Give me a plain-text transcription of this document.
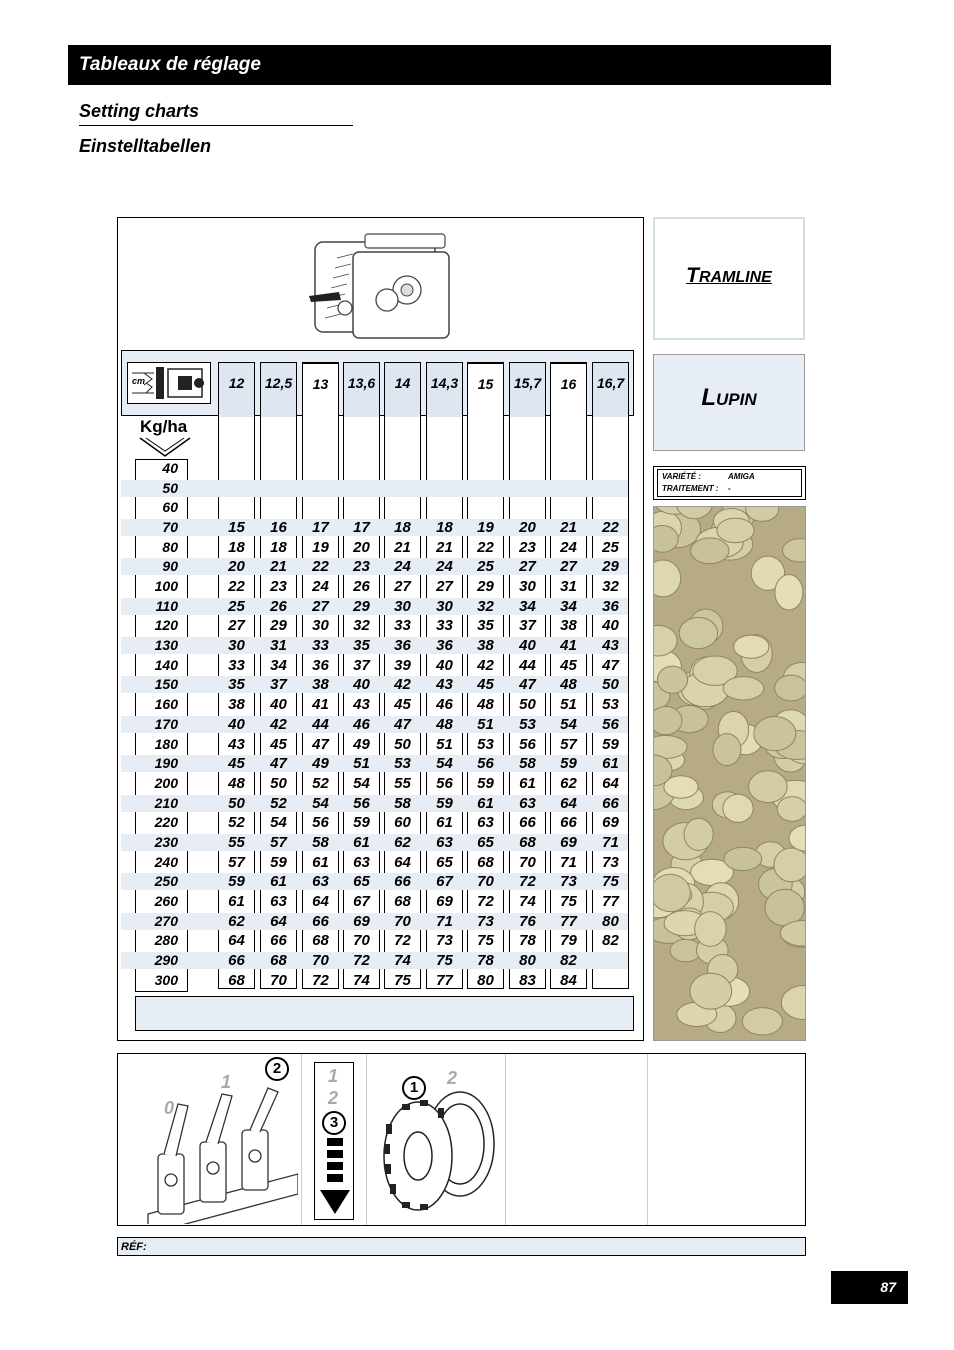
Tableaux de réglage
Setting charts
Einstelltabellen
cm	12	12,5	13	13,6	14	14,3	15	15,7	16	16,7
Kg/ha
40
50
60
70	15	16	17	17	18	18	19	20	21	22
80	18	18	19	20	21	21	22	23	24	25
90	20	21	22	23	24	24	25	27	27	29
100	22	23	24	26	27	27	29	30	31	32
110	25	26	27	29	30	30	32	34	34	36
120	27	29	30	32	33	33	35	37	38	40
130	30	31	33	35	36	36	38	40	41	43
140	33	34	36	37	39	40	42	44	45	47
150	35	37	38	40	42	43	45	47	48	50
160	38	40	41	43	45	46	48	50	51	53
170	40	42	44	46	47	48	51	53	54	56
180	43	45	47	49	50	51	53	56	57	59
190	45	47	49	51	53	54	56	58	59	61
200	48	50	52	54	55	56	59	61	62	64
210	50	52	54	56	58	59	61	63	64	66
220	52	54	56	59	60	61	63	66	66	69
230	55	57	58	61	62	63	65	68	69	71
240	57	59	61	63	64	65	68	70	71	73
250	59	61	63	65	66	67	70	72	73	75
260	61	63	64	67	68	69	72	74	75	77
270	62	64	66	69	70	71	73	76	77	80
280	64	66	68	70	72	73	75	78	79	82
290	66	68	70	72	74	75	78	80	82
300	68	70	72	74	75	77	80	83	84
TRAMLINE
LUPIN
VARIÉTÉ :	AMIGA
TRAITEMENT : -
0
1
2	1
2
3
1	2
RÉF:
87
